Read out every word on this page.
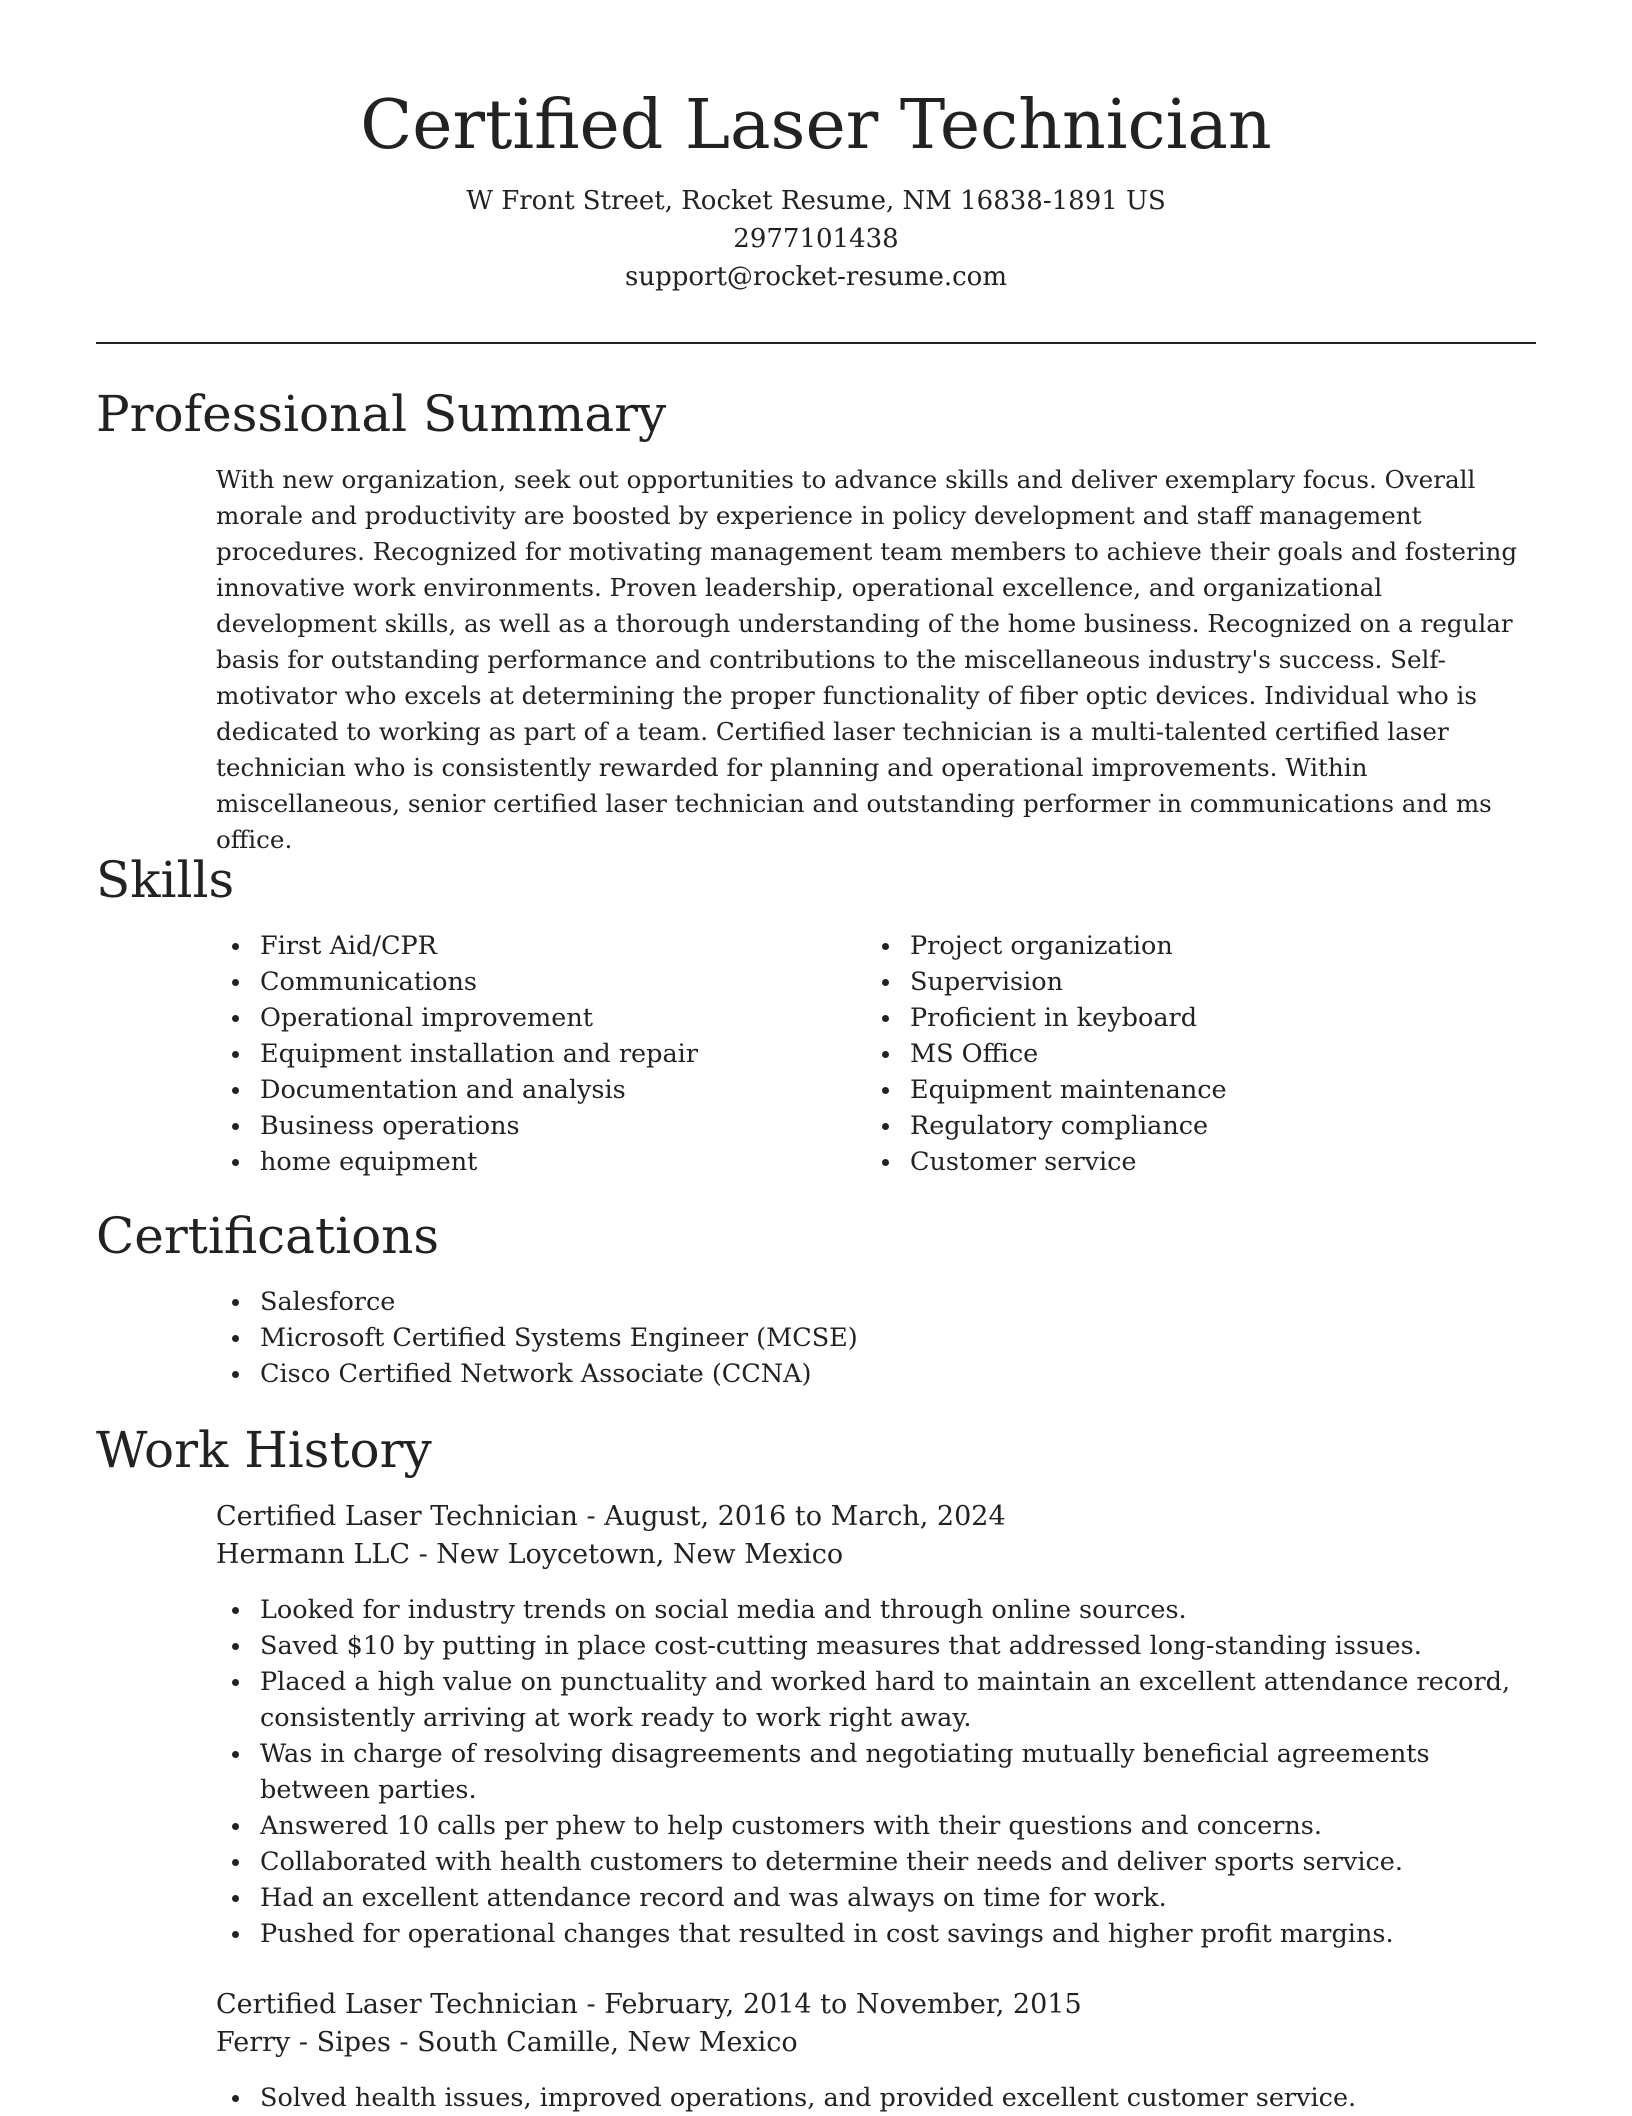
Certified Laser Technician

W Front Street, Rocket Resume, NM 16838-1891 US

2977101438

support@rocket-resume.com

Professional Summary

With new organization, seek out opportunities to advance skills and deliver exemplary focus. Overall morale and productivity are boosted by experience in policy development and staff management procedures. Recognized for motivating management team members to achieve their goals and fostering innovative work environments. Proven leadership, operational excellence, and organizational development skills, as well as a thorough understanding of the home business. Recognized on a regular basis for outstanding performance and contributions to the miscellaneous industry's success. Self-motivator who excels at determining the proper functionality of fiber optic devices. Individual who is dedicated to working as part of a team. Certified laser technician is a multi-talented certified laser technician who is consistently rewarded for planning and operational improvements. Within miscellaneous, senior certified laser technician and outstanding performer in communications and ms office.

Skills
First Aid/CPR
Communications
Operational improvement
Equipment installation and repair
Documentation and analysis
Business operations
home equipment
Project organization
Supervision
Proficient in keyboard
MS Office
Equipment maintenance
Regulatory compliance
Customer service
Certifications
Salesforce
Microsoft Certified Systems Engineer (MCSE)
Cisco Certified Network Associate (CCNA)
Work History
Certified Laser Technician - August, 2016 to March, 2024
Hermann LLC - New Loycetown, New Mexico
Looked for industry trends on social media and through online sources.
Saved $10 by putting in place cost-cutting measures that addressed long-standing issues.
Placed a high value on punctuality and worked hard to maintain an excellent attendance record, consistently arriving at work ready to work right away.
Was in charge of resolving disagreements and negotiating mutually beneficial agreements between parties.
Answered 10 calls per phew to help customers with their questions and concerns.
Collaborated with health customers to determine their needs and deliver sports service.
Had an excellent attendance record and was always on time for work.
Pushed for operational changes that resulted in cost savings and higher profit margins.
Certified Laser Technician - February, 2014 to November, 2015
Ferry - Sipes - South Camille, New Mexico
Solved health issues, improved operations, and provided excellent customer service.
